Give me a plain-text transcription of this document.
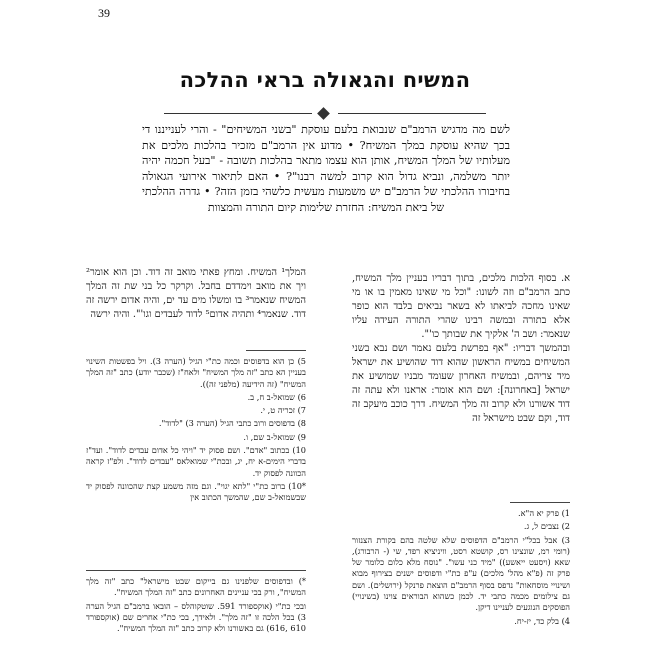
39
המשיח והגאולה בראי ההלכה

לשם מה מדגיש הרמב"ם שנבואת בלעם עוסקת "בשני המשיחים" - והרי לענייננו די בכך שהיא עוסקת במלך המשיח? • מדוע אין הרמב"ם מזכיר בהלכות מלכים את מעלותיו של המלך המשיח, אותן הוא עצמו מתאר בהלכות תשובה - "בעל חכמה יהיה יותר משלמה, ונביא גדול הוא קרוב למשה רבנו"? • האם לתיאור אירועי הגאולה בחיבורו ההלכתי של הרמב"ם יש משמעות מעשית כלשהי בזמן הזה? • גדרה ההלכתי של ביאת המשיח: החזרת שלימות קיום התורה והמצוות

א. בסוף הלכות מלכים, בתוך דבריו בעניין מלך המשיח, כתב הרמב"ם וזה לשונו: "וכל מי שאינו מאמין בו או מי שאינו מחכה לביאתו לא בשאר נביאים בלבד הוא כופר אלא בתורה ובמשה רבינו שהרי התורה העידה עליו שנאמר: ושב ה' אלקיך את שבותך כו'".

ובהמשך דבריו: "אף בפרשת בלעם נאמר ושם נבא בשני המשיחים במשיח הראשון שהוא דוד שהושיע את ישראל מיד צריהם, ובמשיח האחרון שעומד מבניו שמושיע את ישראל [באחרונה]: ושם הוא אומר: אראנו ולא עתה זה דוד אשורנו ולא קרוב זה מלך המשיח. דרך כוכב מיעקב זה דוד, וקם שבט מישראל זה

המלך¹ המשיח. ומחץ פאתי מואב זה דוד. וכן הוא אומר² ויך את מואב וימדדם בחבל. וקרקר כל בני שת זה המלך המשיח שנאמר³ בו ומשלו מים עד ים, והיה אדום ירשה זה דוד. שנאמר⁴ ותהיה אדום⁵ לדוד לעבדים וגו'". והיה ירשה

5) כן הוא בדפוסים וכמה כת"י הגיל (הערה 3). ויל בפשטות השינוי בעניין הא כתב "זה מלך המשיח" ולאח"ז (שכבר יודע) כתב "זה המלך המשיח" (זה הידיעה (מלפני זה)).
6) שמואל-ב ח, ב.
7) זכריה ט, י.
8) בדפוסים ורוב כתבי הגיל (הערה 3) "לדוד".
9) שמואל-ב שם, ו.
10) בכתוב "אדם". ושם פסוק יד "ויהי כל אדום עבדים לדוד". ועד"ז בדברי הימים-א יח, יג, ובכת"י שמואלאס "עבדים לדוד". ולפ"ז קראה הכוונה לפסוק יד.
*10) ברוב כת"י "לתא יגוי". וגם מזה משמע קצת שהכוונה לפסוק יד שבשמואל-ב שם, שהמשך הכתוב אין
*) ובדפוסים שלפנינו גם בייקום שבט מישראל" כתב "זה מלך המשיח", ורק בכי עניינים האחרונים כתב "זה המלך המשיח".
ובכי כת"י (אוקספורד 591. שוטקוהלס – הובאו ברמב"ם הגיל הערה 3) בכל הלכה זו "זה מלך". ולאידך, בכי כת"י אחרים שם (אוקספורד 610 ,616) גם באשורנו ולא קרוב כתב "זה המלך המשיח".
1) פרק יא ה"א.
2) נצבים ל, ג.
3) אבל בכל"י הרמב"ם הדפוסים שלא שלטה בהם בקורת הצנזור (רומי רמ, שונצינו רס, קושטא רסט, וויניציא רפד, שי (- הרבורג), שאא (ויסעט ייאשע)) "מיד כני עשו". "נוסח מלא כלום כלומר של פרק זה (פ"א מהל' מלכים) ע"פ כת"י ודפוסים ישנים בצירוף מבוא ושינויי מוסחאות" נדפס בסוף הרמב"ם הוצאת פרנקל (ירושלים). ושם גם צילומים מכמה כתבי יד. לכמן כשהוא הבוראים צוינו (בשינויי) הפוסקים הנוגעים לעניינו דיקן.
4) בלק כד, יז-יח.
